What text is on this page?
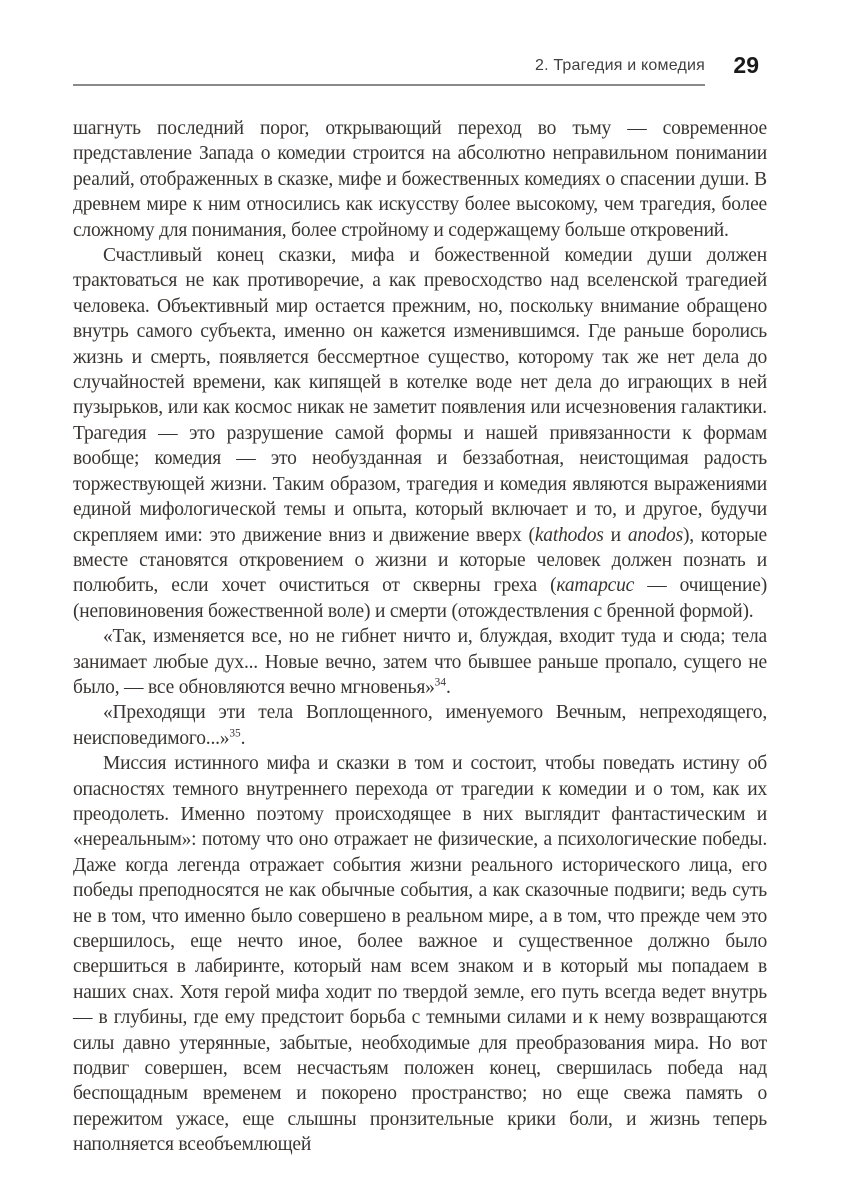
2. Трагедия и комедия	29

шагнуть последний порог, открывающий переход во тьму — современное представление Запада о комедии строится на абсолютно неправильном понимании реалий, отображенных в сказке, мифе и божественных комедиях о спасении души. В древнем мире к ним относились как искусству более высокому, чем трагедия, более сложному для понимания, более стройному и содержащему больше откровений.

Счастливый конец сказки, мифа и божественной комедии души должен трактоваться не как противоречие, а как превосходство над вселенской трагедией человека. Объективный мир остается прежним, но, поскольку внимание обращено внутрь самого субъекта, именно он кажется изменившимся. Где раньше боролись жизнь и смерть, появляется бессмертное существо, которому так же нет дела до случайностей времени, как кипящей в котелке воде нет дела до играющих в ней пузырьков, или как космос никак не заметит появления или исчезновения галактики. Трагедия — это разрушение самой формы и нашей привязанности к формам вообще; комедия — это необузданная и беззаботная, неистощимая радость торжествующей жизни. Таким образом, трагедия и комедия являются выражениями единой мифологической темы и опыта, который включает и то, и другое, будучи скрепляем ими: это движение вниз и движение вверх (kathodos и anodos), которые вместе становятся откровением о жизни и которые человек должен познать и полюбить, если хочет очиститься от скверны греха (катарсис — очищение) (неповиновения божественной воле) и смерти (отождествления с бренной формой).

«Так, изменяется все, но не гибнет ничто и, блуждая, входит туда и сюда; тела занимает любые дух... Новые вечно, затем что бывшее раньше пропало, сущего не было, — все обновляются вечно мгновенья»$^{34}$.

«Преходящи эти тела Воплощенного, именуемого Вечным, непреходящего, неисповедимого...»$^{35}$.

Миссия истинного мифа и сказки в том и состоит, чтобы поведать истину об опасностях темного внутреннего перехода от трагедии к комедии и о том, как их преодолеть. Именно поэтому происходящее в них выглядит фантастическим и «нереальным»: потому что оно отражает не физические, а психологические победы. Даже когда легенда отражает события жизни реального исторического лица, его победы преподносятся не как обычные события, а как сказочные подвиги; ведь суть не в том, что именно было совершено в реальном мире, а в том, что прежде чем это свершилось, еще нечто иное, более важное и существенное должно было свершиться в лабиринте, который нам всем знаком и в который мы попадаем в наших снах. Хотя герой мифа ходит по твердой земле, его путь всегда ведет внутрь — в глубины, где ему предстоит борьба с темными силами и к нему возвращаются силы давно утерянные, забытые, необходимые для преобразования мира. Но вот подвиг совершен, всем несчастьям положен конец, свершилась победа над беспощадным временем и покорено пространство; но еще свежа память о пережитом ужасе, еще слышны пронзительные крики боли, и жизнь теперь наполняется всеобъемлющей
